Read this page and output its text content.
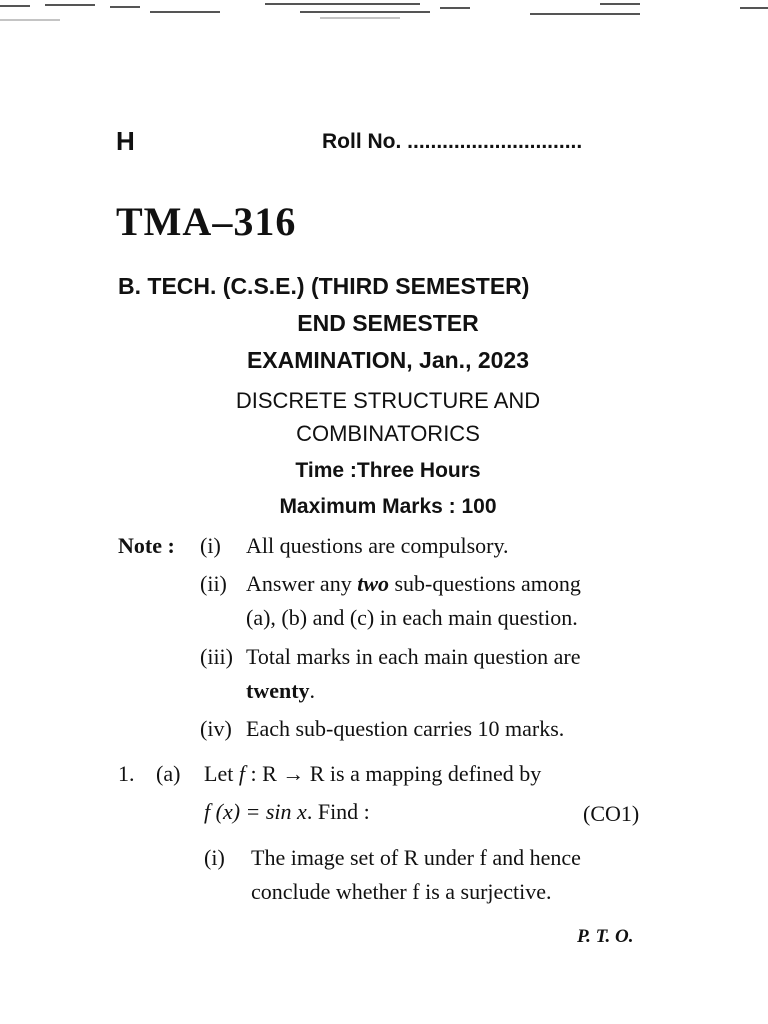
H	Roll No. ..............................
TMA–316
B. TECH. (C.S.E.) (THIRD SEMESTER)
END SEMESTER
EXAMINATION, Jan., 2023
DISCRETE STRUCTURE AND
COMBINATORICS
Time :Three Hours
Maximum Marks : 100
Note : (i) All questions are compulsory.
(ii) Answer any two sub-questions among
(a), (b) and (c) in each main question.
(iii) Total marks in each main question are
twenty.
(iv) Each sub-question carries 10 marks.
1. (a) Let f : R → R is a mapping defined by
f (x) = sin x. Find :	(CO1)
(i) The image set of R under f and hence
conclude whether f is a surjective.
P. T. O.
